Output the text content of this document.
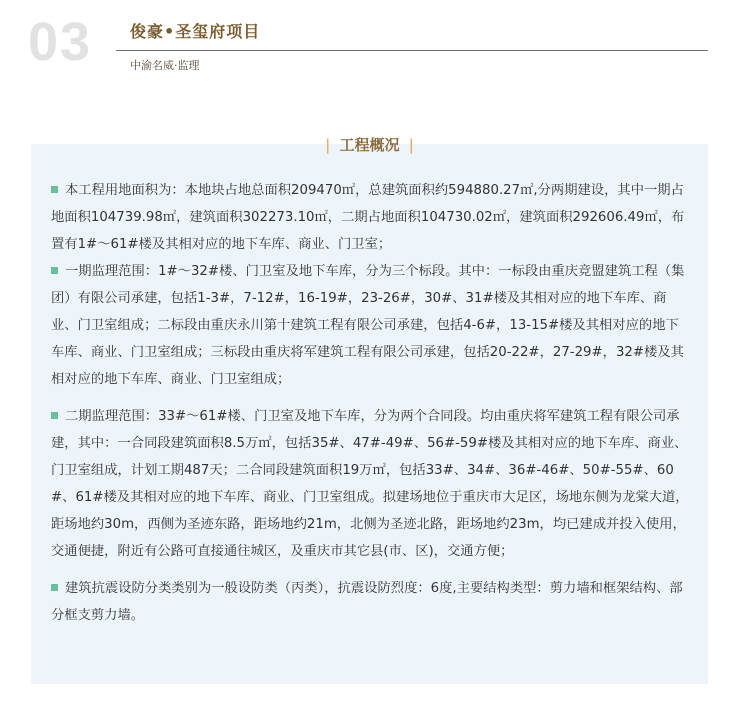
03 俊豪•圣玺府项目
中渝名威·监理
| 工程概况 |

本工程用地面积为：本地块占地总面积209470㎡，总建筑面积约594880.27㎡,分两期建设，其中一期占地面积104739.98㎡，建筑面积302273.10㎡，二期占地面积104730.02㎡，建筑面积292606.49㎡，布置有1#～61#楼及其相对应的地下车库、商业、门卫室；

一期监理范围：1#～32#楼、门卫室及地下车库，分为三个标段。其中：一标段由重庆竞盟建筑工程（集团）有限公司承建，包括1-3#，7-12#，16-19#，23-26#，30#、31#楼及其相对应的地下车库、商业、门卫室组成；二标段由重庆永川第十建筑工程有限公司承建，包括4-6#，13-15#楼及其相对应的地下车库、商业、门卫室组成；三标段由重庆将军建筑工程有限公司承建，包括20-22#，27-29#，32#楼及其相对应的地下车库、商业、门卫室组成；

二期监理范围：33#～61#楼、门卫室及地下车库，分为两个合同段。均由重庆将军建筑工程有限公司承建，其中：一合同段建筑面积8.5万㎡，包括35#、47#-49#、56#-59#楼及其相对应的地下车库、商业、门卫室组成，计划工期487天；二合同段建筑面积19万㎡，包括33#、34#、36#-46#、50#-55#、60#、61#楼及其相对应的地下车库、商业、门卫室组成。拟建场地位于重庆市大足区，场地东侧为龙棠大道，距场地约30m，西侧为圣迹东路，距场地约21m，北侧为圣迹北路，距场地约23m，均已建成并投入使用，交通便捷，附近有公路可直接通往城区，及重庆市其它县(市、区)，交通方便；

建筑抗震设防分类类别为一般设防类（丙类），抗震设防烈度：6度,主要结构类型：剪力墙和框架结构、部分框支剪力墙。
